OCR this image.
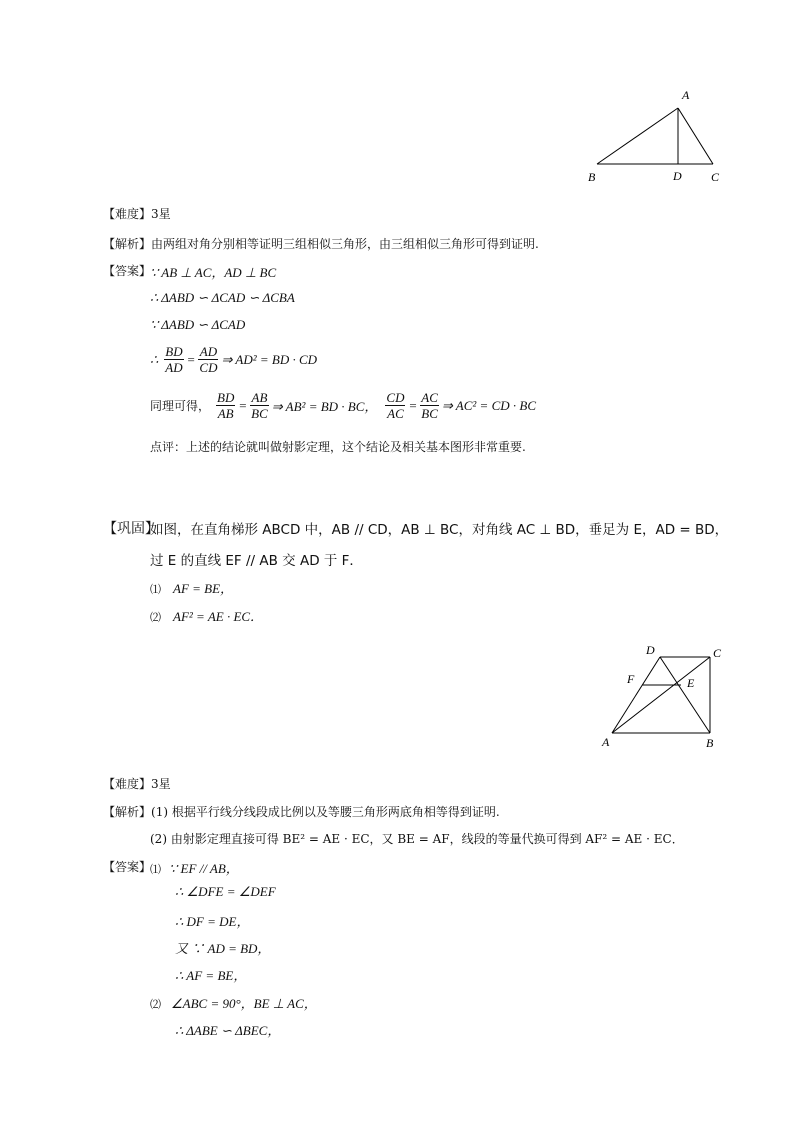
A
B	D C
【难度】3星
【解析】由两组对角分别相等证明三组相似三角形，由三组相似三角形可得到证明.
【答案】
∵ AB ⊥ AC，AD ⊥ BC
∴ ΔABD ∽ ΔCAD ∽ ΔCBA
∵ ΔABD ∽ ΔCAD
∴ $\frac{BD}{AD} = \frac{AD}{CD}$ ⇒ AD² = BD · CD
同理可得， $\frac{BD}{AB} = \frac{AB}{BC}$ ⇒ AB² = BD · BC， $\frac{CD}{AC} = \frac{AC}{BC}$ ⇒ AC² = CD · BC
点评：上述的结论就叫做射影定理，这个结论及相关基本图形非常重要.
【巩固】
如图，在直角梯形 ABCD 中，AB // CD，AB ⊥ BC，对角线 AC ⊥ BD，垂足为 E，AD = BD，
过 E 的直线 EF // AB 交 AD 于 F．
⑴ AF = BE，
⑵ AF² = AE · EC．
D	C
F	E
A	B
【难度】3星
【解析】(1) 根据平行线分线段成比例以及等腰三角形两底角相等得到证明.
(2) 由射影定理直接可得 BE² = AE · EC，又 BE = AF，线段的等量代换可得到 AF² = AE · EC．
【答案】
⑴ ∵ EF // AB，
∴ ∠DFE = ∠DEF
∴ DF = DE，
又 ∵ AD = BD，
∴ AF = BE，
⑵ ∠ABC = 90°，BE ⊥ AC，
∴ ΔABE ∽ ΔBEC，
